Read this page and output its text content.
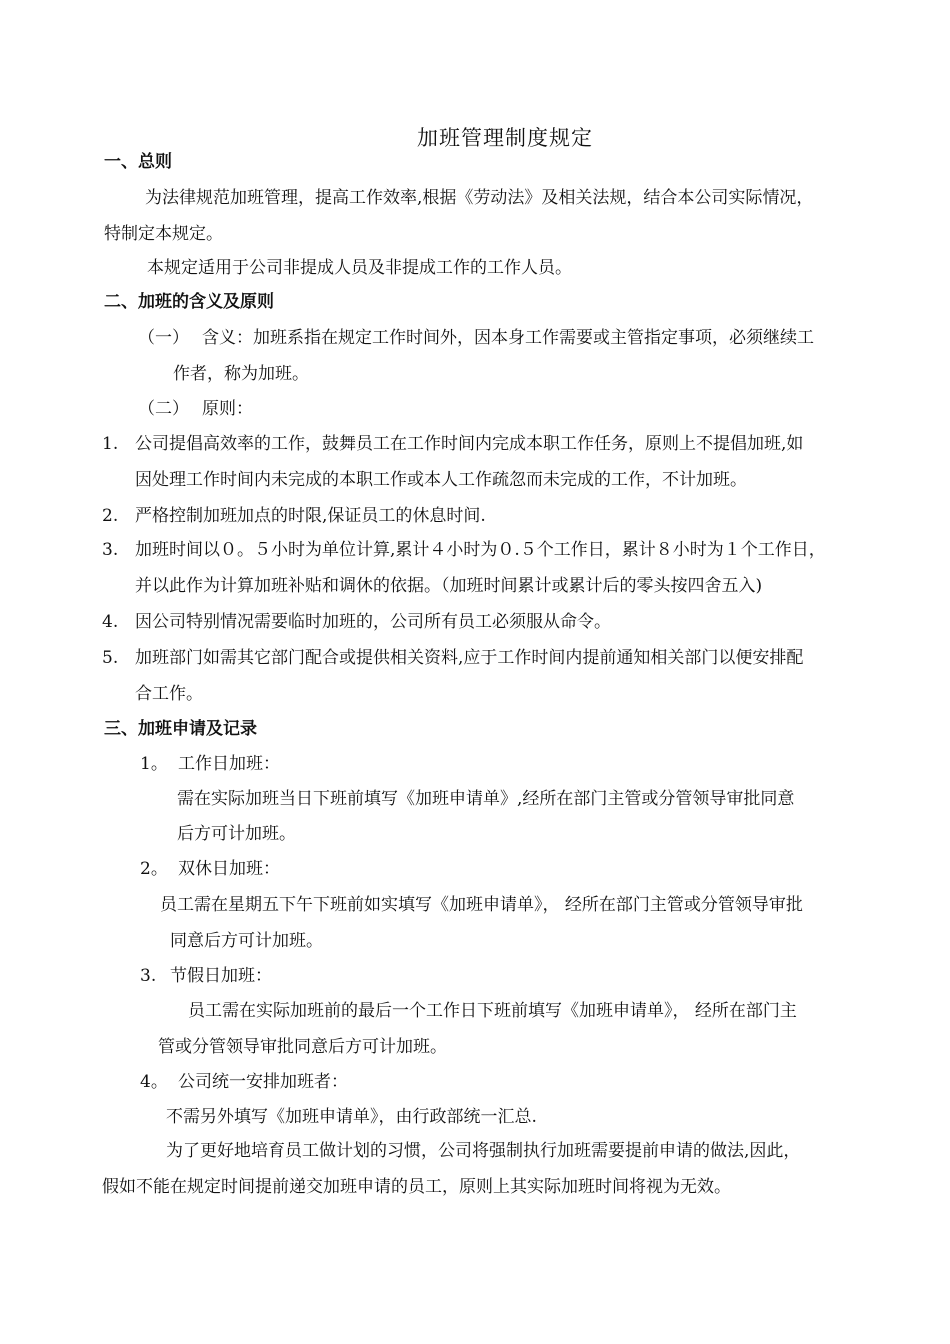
加班管理制度规定
一、总则
为法律规范加班管理，提高工作效率,根据《劳动法》及相关法规，结合本公司实际情况，
特制定本规定。
本规定适用于公司非提成人员及非提成工作的工作人员。
二、加班的含义及原则
（一） 含义：加班系指在规定工作时间外，因本身工作需要或主管指定事项，必须继续工
作者，称为加班。
（二） 原则：
1. 公司提倡高效率的工作，鼓舞员工在工作时间内完成本职工作任务，原则上不提倡加班,如
因处理工作时间内未完成的本职工作或本人工作疏忽而未完成的工作，不计加班。
2. 严格控制加班加点的时限,保证员工的休息时间.
3. 加班时间以０。５小时为单位计算,累计４小时为０.５个工作日，累计８小时为１个工作日，
并以此作为计算加班补贴和调休的依据。（加班时间累计或累计后的零头按四舍五入)
4. 因公司特别情况需要临时加班的，公司所有员工必须服从命令。
5. 加班部门如需其它部门配合或提供相关资料,应于工作时间内提前通知相关部门以便安排配
合工作。
三、加班申请及记录
1。 工作日加班：
需在实际加班当日下班前填写《加班申请单》,经所在部门主管或分管领导审批同意
后方可计加班。
2。 双休日加班：
员工需在星期五下午下班前如实填写《加班申请单》， 经所在部门主管或分管领导审批
同意后方可计加班。
3. 节假日加班：
员工需在实际加班前的最后一个工作日下班前填写《加班申请单》， 经所在部门主
管或分管领导审批同意后方可计加班。
4。 公司统一安排加班者：
不需另外填写《加班申请单》，由行政部统一汇总.
为了更好地培育员工做计划的习惯，公司将强制执行加班需要提前申请的做法,因此，
假如不能在规定时间提前递交加班申请的员工，原则上其实际加班时间将视为无效。
